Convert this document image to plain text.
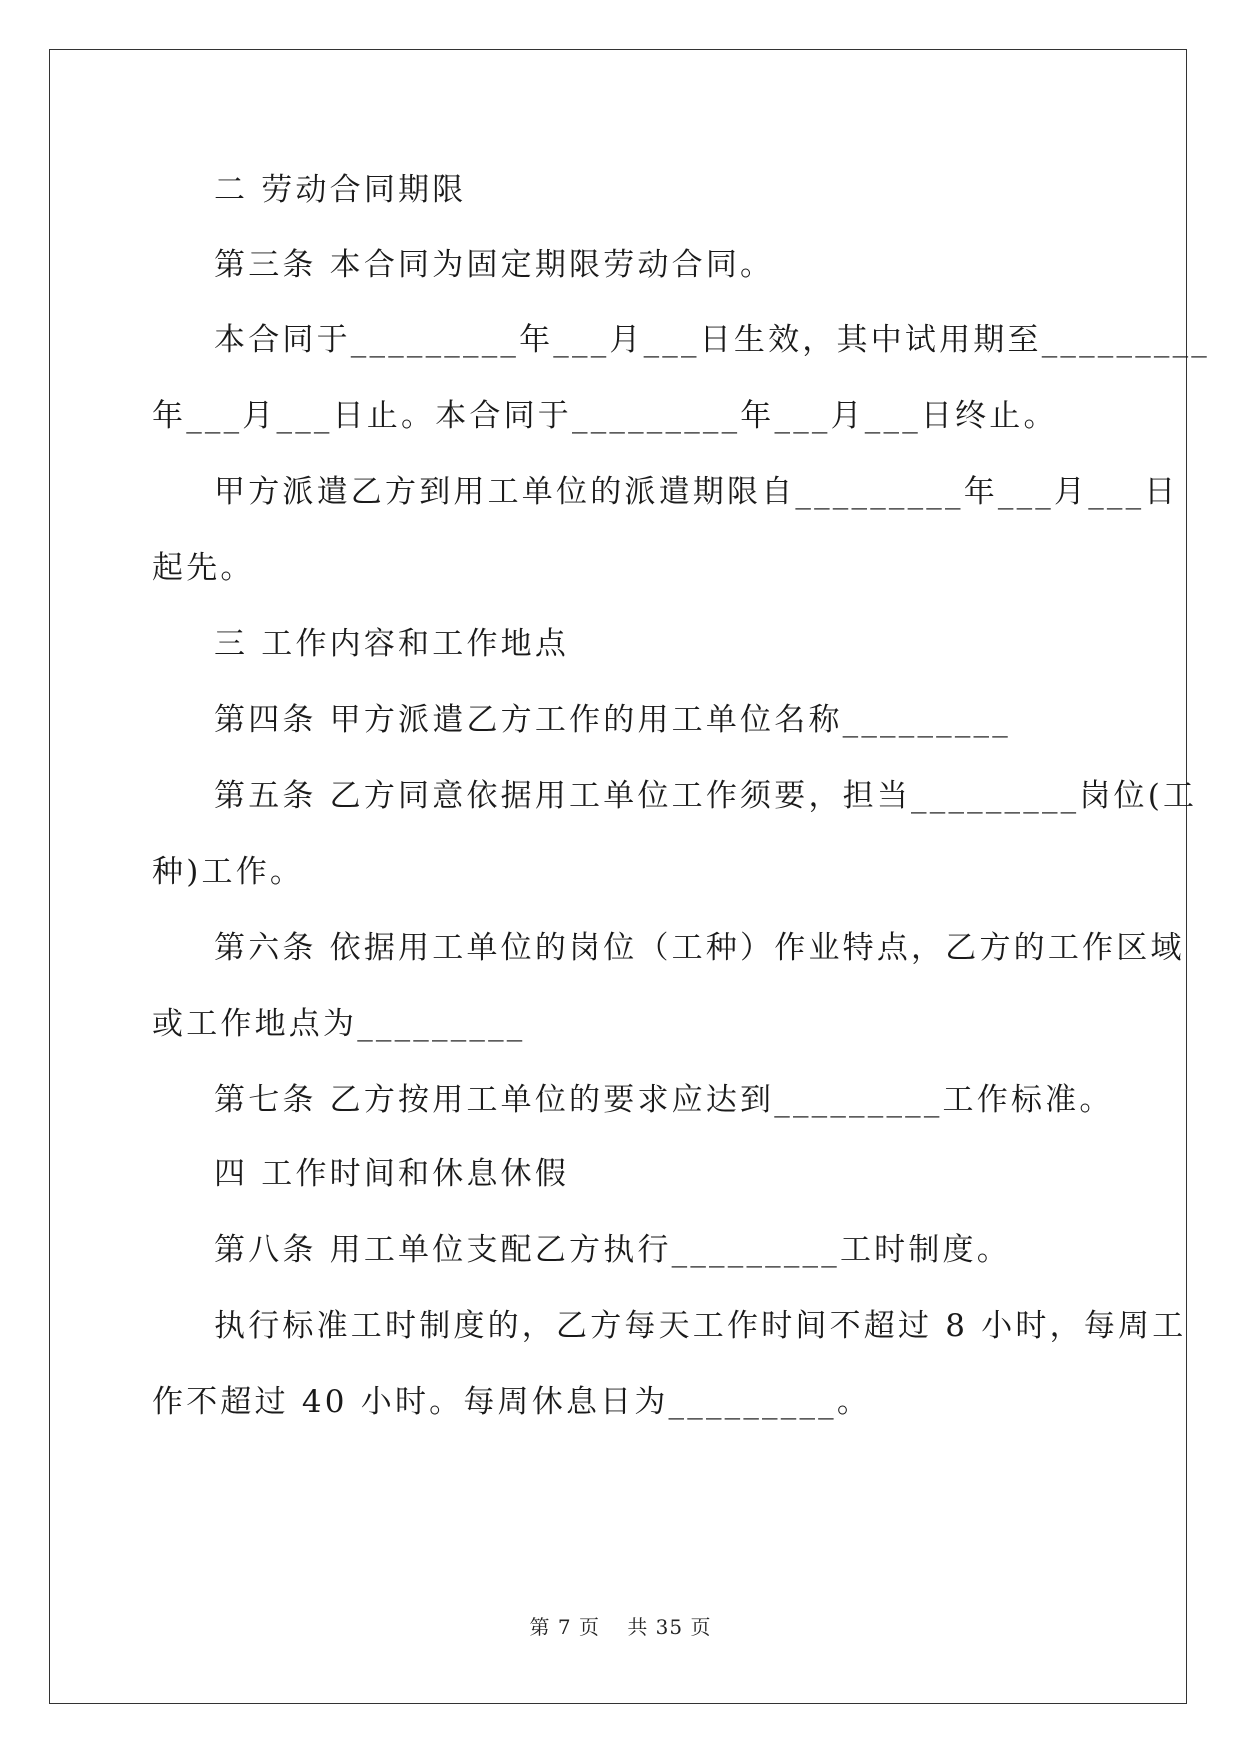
二 劳动合同期限
第三条 本合同为固定期限劳动合同。
本合同于_________年___月___日生效，其中试用期至_________
年___月___日止。本合同于_________年___月___日终止。
甲方派遣乙方到用工单位的派遣期限自_________年___月___日
起先。
三 工作内容和工作地点
第四条 甲方派遣乙方工作的用工单位名称_________
第五条 乙方同意依据用工单位工作须要，担当_________岗位(工
种)工作。
第六条 依据用工单位的岗位（工种）作业特点，乙方的工作区域
或工作地点为_________
第七条 乙方按用工单位的要求应达到_________工作标准。
四 工作时间和休息休假
第八条 用工单位支配乙方执行_________工时制度。
执行标准工时制度的，乙方每天工作时间不超过 8 小时，每周工
作不超过 40 小时。每周休息日为_________。
第 7 页 共 35 页
